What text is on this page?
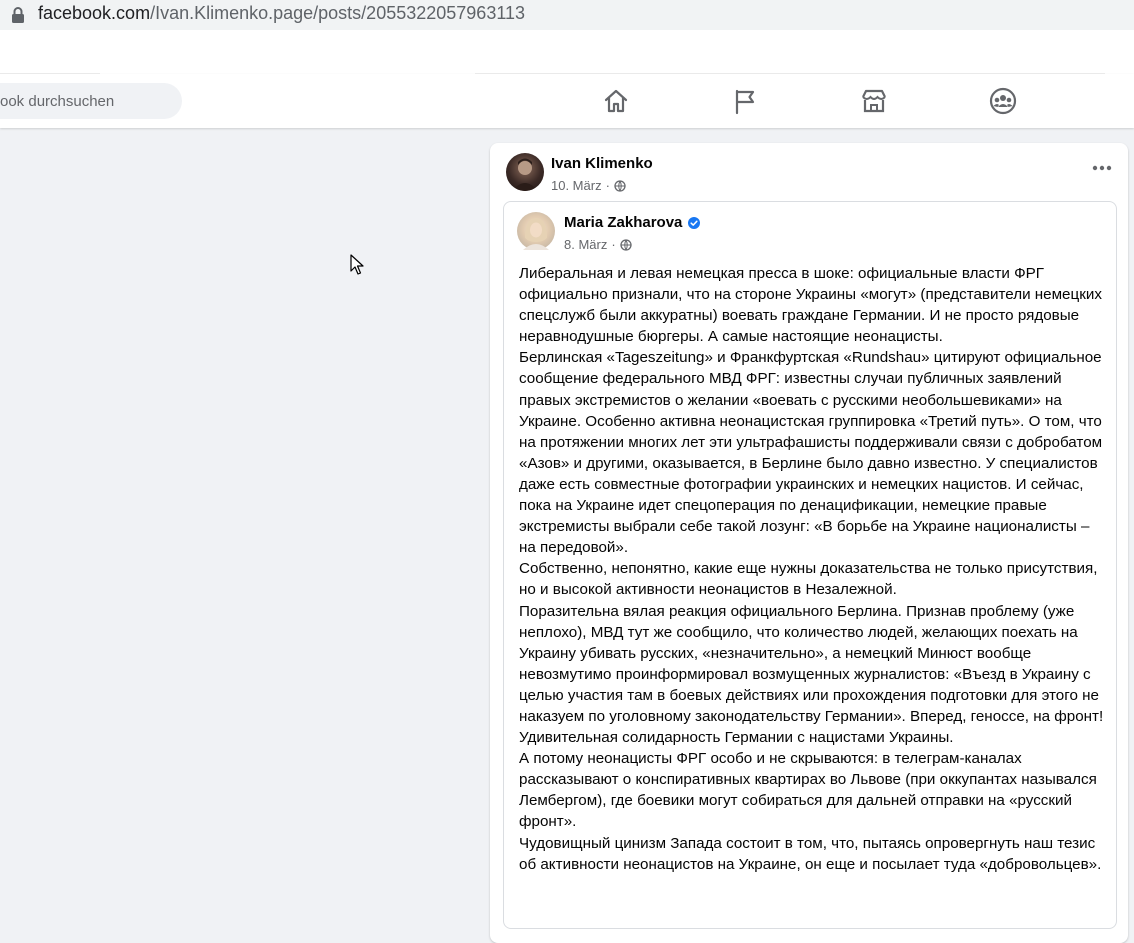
facebook.com/Ivan.Klimenko.page/posts/2055322057963113
ook durchsuchen
Ivan Klimenko
10. März ·
Maria Zakharova
8. März ·
Либеральная и левая немецкая пресса в шоке: официальные власти ФРГ официально признали, что на стороне Украины «могут» (представители немецких спецслужб были аккуратны) воевать граждане Германии. И не просто рядовые неравнодушные бюргеры. А самые настоящие неонацисты.
Берлинская «Tageszeitung» и Франкфуртская «Rundshau» цитируют официальное сообщение федерального МВД ФРГ: известны случаи публичных заявлений правых экстремистов о желании «воевать с русскими необольшевиками» на Украине. Особенно активна неонацистская группировка «Третий путь». О том, что на протяжении многих лет эти ультрафашисты поддерживали связи с добробатом «Азов» и другими, оказывается, в Берлине было давно известно. У специалистов даже есть совместные фотографии украинских и немецких нацистов. И сейчас, пока на Украине идет спецоперация по денацификации, немецкие правые экстремисты выбрали себе такой лозунг: «В борьбе на Украине националисты – на передовой».
Собственно, непонятно, какие еще нужны доказательства не только присутствия, но и высокой активности неонацистов в Незалежной.
Поразительна вялая реакция официального Берлина. Признав проблему (уже неплохо), МВД тут же сообщило, что количество людей, желающих поехать на Украину убивать русских, «незначительно», а немецкий Минюст вообще невозмутимо проинформировал возмущенных журналистов: «Въезд в Украину с целью участия там в боевых действиях или прохождения подготовки для этого не наказуем по уголовному законодательству Германии». Вперед, геноссе, на фронт! Удивительная солидарность Германии с нацистами Украины.
А потому неонацисты ФРГ особо и не скрываются: в телеграм-каналах рассказывают о конспиративных квартирах во Львове (при оккупантах назывался Лембергом), где боевики могут собираться для дальней отправки на «русский фронт».
Чудовищный цинизм Запада состоит в том, что, пытаясь опровергнуть наш тезис об активности неонацистов на Украине, он еще и посылает туда «добровольцев».
